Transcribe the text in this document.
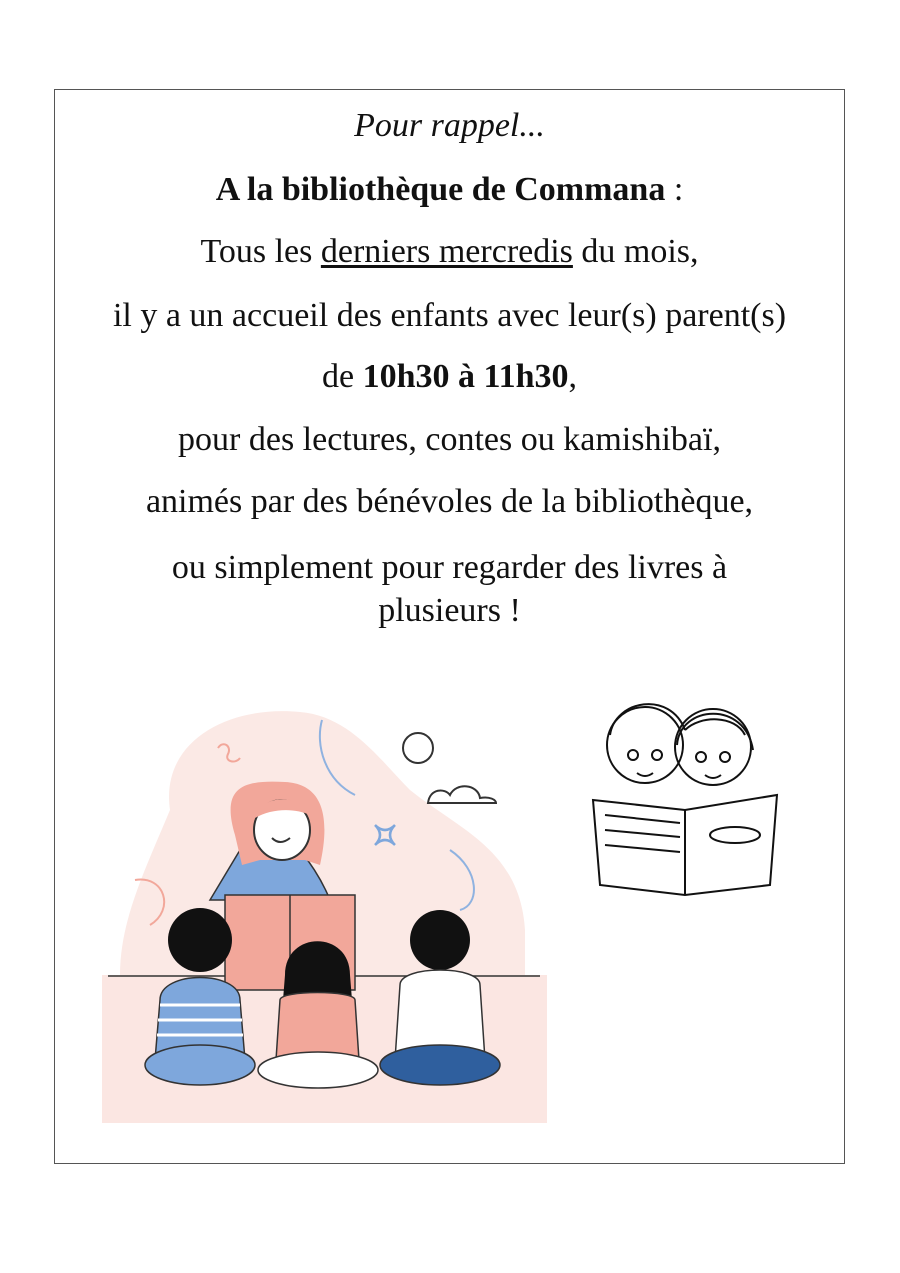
Pour rappel...
A la bibliothèque de Commana :
Tous les derniers mercredis du mois,
il y a un accueil des enfants avec leur(s) parent(s)
de 10h30 à 11h30,
pour des lectures, contes ou kamishibaï,
animés par des bénévoles de la bibliothèque,
ou simplement pour regarder des livres à plusieurs !
